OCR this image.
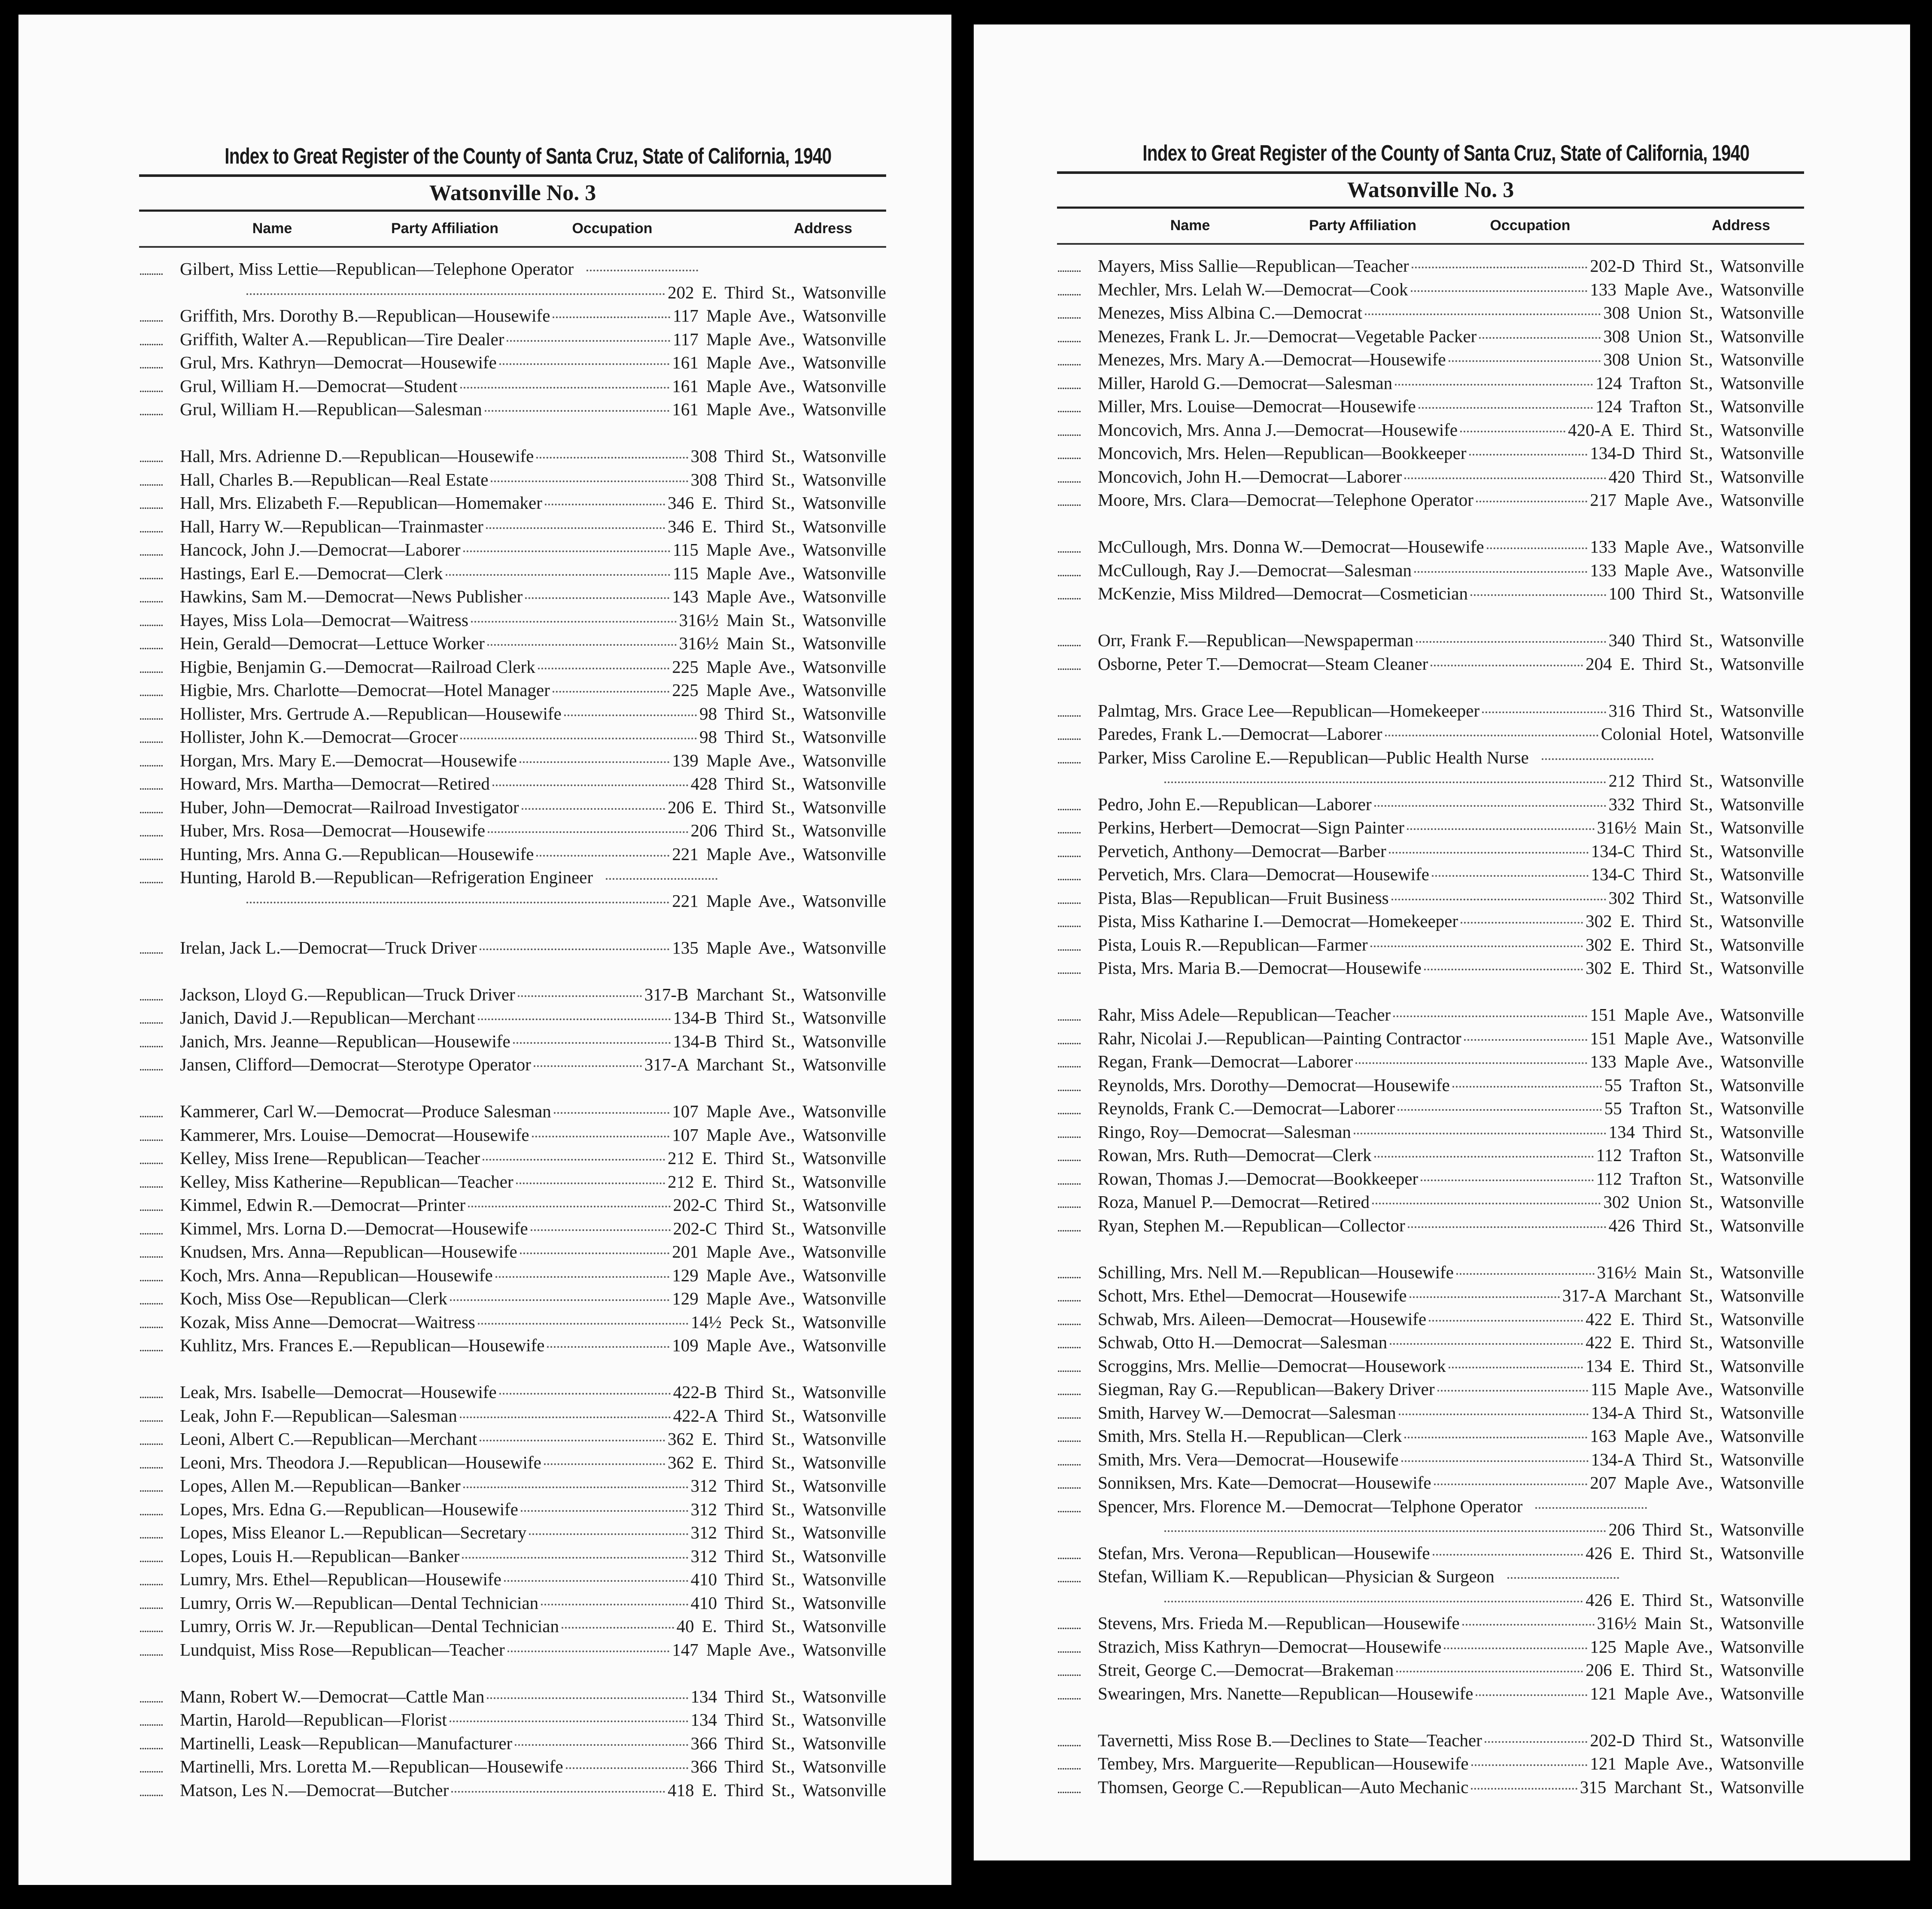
Index to Great Register of the County of Santa Cruz, State of California, 1940
Watsonville No. 3
Name	Party Affiliation	Occupation	Address
.......... Gilbert, Miss Lettie—Republican—Telephone Operator
202 E. Third St., Watsonville
.......... Griffith, Mrs. Dorothy B.—Republican—Housewife	117 Maple Ave., Watsonville
.......... Griffith, Walter A.—Republican—Tire Dealer	117 Maple Ave., Watsonville
.......... Grul, Mrs. Kathryn—Democrat—Housewife	161 Maple Ave., Watsonville
.......... Grul, William H.—Democrat—Student	161 Maple Ave., Watsonville
.......... Grul, William H.—Republican—Salesman	161 Maple Ave., Watsonville
.......... Hall, Mrs. Adrienne D.—Republican—Housewife	308 Third St., Watsonville
.......... Hall, Charles B.—Republican—Real Estate	308 Third St., Watsonville
.......... Hall, Mrs. Elizabeth F.—Republican—Homemaker	346 E. Third St., Watsonville
.......... Hall, Harry W.—Republican—Trainmaster	346 E. Third St., Watsonville
.......... Hancock, John J.—Democrat—Laborer	115 Maple Ave., Watsonville
.......... Hastings, Earl E.—Democrat—Clerk	115 Maple Ave., Watsonville
.......... Hawkins, Sam M.—Democrat—News Publisher	143 Maple Ave., Watsonville
.......... Hayes, Miss Lola—Democrat—Waitress	316½ Main St., Watsonville
.......... Hein, Gerald—Democrat—Lettuce Worker	316½ Main St., Watsonville
.......... Higbie, Benjamin G.—Democrat—Railroad Clerk	225 Maple Ave., Watsonville
.......... Higbie, Mrs. Charlotte—Democrat—Hotel Manager	225 Maple Ave., Watsonville
.......... Hollister, Mrs. Gertrude A.—Republican—Housewife	98 Third St., Watsonville
.......... Hollister, John K.—Democrat—Grocer	98 Third St., Watsonville
.......... Horgan, Mrs. Mary E.—Democrat—Housewife	139 Maple Ave., Watsonville
.......... Howard, Mrs. Martha—Democrat—Retired	428 Third St., Watsonville
.......... Huber, John—Democrat—Railroad Investigator	206 E. Third St., Watsonville
.......... Huber, Mrs. Rosa—Democrat—Housewife	206 Third St., Watsonville
.......... Hunting, Mrs. Anna G.—Republican—Housewife	221 Maple Ave., Watsonville
.......... Hunting, Harold B.—Republican—Refrigeration Engineer
221 Maple Ave., Watsonville
.......... Irelan, Jack L.—Democrat—Truck Driver	135 Maple Ave., Watsonville
.......... Jackson, Lloyd G.—Republican—Truck Driver	317-B Marchant St., Watsonville
.......... Janich, David J.—Republican—Merchant	134-B Third St., Watsonville
.......... Janich, Mrs. Jeanne—Republican—Housewife	134-B Third St., Watsonville
.......... Jansen, Clifford—Democrat—Sterotype Operator	317-A Marchant St., Watsonville
.......... Kammerer, Carl W.—Democrat—Produce Salesman	107 Maple Ave., Watsonville
.......... Kammerer, Mrs. Louise—Democrat—Housewife	107 Maple Ave., Watsonville
.......... Kelley, Miss Irene—Republican—Teacher	212 E. Third St., Watsonville
.......... Kelley, Miss Katherine—Republican—Teacher	212 E. Third St., Watsonville
.......... Kimmel, Edwin R.—Democrat—Printer	202-C Third St., Watsonville
.......... Kimmel, Mrs. Lorna D.—Democrat—Housewife	202-C Third St., Watsonville
.......... Knudsen, Mrs. Anna—Republican—Housewife	201 Maple Ave., Watsonville
.......... Koch, Mrs. Anna—Republican—Housewife	129 Maple Ave., Watsonville
.......... Koch, Miss Ose—Republican—Clerk	129 Maple Ave., Watsonville
.......... Kozak, Miss Anne—Democrat—Waitress	14½ Peck St., Watsonville
.......... Kuhlitz, Mrs. Frances E.—Republican—Housewife	109 Maple Ave., Watsonville
.......... Leak, Mrs. Isabelle—Democrat—Housewife	422-B Third St., Watsonville
.......... Leak, John F.—Republican—Salesman	422-A Third St., Watsonville
.......... Leoni, Albert C.—Republican—Merchant	362 E. Third St., Watsonville
.......... Leoni, Mrs. Theodora J.—Republican—Housewife	362 E. Third St., Watsonville
.......... Lopes, Allen M.—Republican—Banker	312 Third St., Watsonville
.......... Lopes, Mrs. Edna G.—Republican—Housewife	312 Third St., Watsonville
.......... Lopes, Miss Eleanor L.—Republican—Secretary	312 Third St., Watsonville
.......... Lopes, Louis H.—Republican—Banker	312 Third St., Watsonville
.......... Lumry, Mrs. Ethel—Republican—Housewife	410 Third St., Watsonville
.......... Lumry, Orris W.—Republican—Dental Technician	410 Third St., Watsonville
.......... Lumry, Orris W. Jr.—Republican—Dental Technician	40 E. Third St., Watsonville
.......... Lundquist, Miss Rose—Republican—Teacher	147 Maple Ave., Watsonville
.......... Mann, Robert W.—Democrat—Cattle Man	134 Third St., Watsonville
.......... Martin, Harold—Republican—Florist	134 Third St., Watsonville
.......... Martinelli, Leask—Republican—Manufacturer	366 Third St., Watsonville
.......... Martinelli, Mrs. Loretta M.—Republican—Housewife	366 Third St., Watsonville
.......... Matson, Les N.—Democrat—Butcher	418 E. Third St., Watsonville
Index to Great Register of the County of Santa Cruz, State of California, 1940
Watsonville No. 3
Name	Party Affiliation	Occupation	Address
.......... Mayers, Miss Sallie—Republican—Teacher	202-D Third St., Watsonville
.......... Mechler, Mrs. Lelah W.—Democrat—Cook	133 Maple Ave., Watsonville
.......... Menezes, Miss Albina C.—Democrat	308 Union St., Watsonville
.......... Menezes, Frank L. Jr.—Democrat—Vegetable Packer	308 Union St., Watsonville
.......... Menezes, Mrs. Mary A.—Democrat—Housewife	308 Union St., Watsonville
.......... Miller, Harold G.—Democrat—Salesman	124 Trafton St., Watsonville
.......... Miller, Mrs. Louise—Democrat—Housewife	124 Trafton St., Watsonville
.......... Moncovich, Mrs. Anna J.—Democrat—Housewife	420-A E. Third St., Watsonville
.......... Moncovich, Mrs. Helen—Republican—Bookkeeper	134-D Third St., Watsonville
.......... Moncovich, John H.—Democrat—Laborer	420 Third St., Watsonville
.......... Moore, Mrs. Clara—Democrat—Telephone Operator	217 Maple Ave., Watsonville
.......... McCullough, Mrs. Donna W.—Democrat—Housewife	133 Maple Ave., Watsonville
.......... McCullough, Ray J.—Democrat—Salesman	133 Maple Ave., Watsonville
.......... McKenzie, Miss Mildred—Democrat—Cosmetician	100 Third St., Watsonville
.......... Orr, Frank F.—Republican—Newspaperman	340 Third St., Watsonville
.......... Osborne, Peter T.—Democrat—Steam Cleaner	204 E. Third St., Watsonville
.......... Palmtag, Mrs. Grace Lee—Republican—Homekeeper	316 Third St., Watsonville
.......... Paredes, Frank L.—Democrat—Laborer	Colonial Hotel, Watsonville
.......... Parker, Miss Caroline E.—Republican—Public Health Nurse
212 Third St., Watsonville
.......... Pedro, John E.—Republican—Laborer	332 Third St., Watsonville
.......... Perkins, Herbert—Democrat—Sign Painter	316½ Main St., Watsonville
.......... Pervetich, Anthony—Democrat—Barber	134-C Third St., Watsonville
.......... Pervetich, Mrs. Clara—Democrat—Housewife	134-C Third St., Watsonville
.......... Pista, Blas—Republican—Fruit Business	302 Third St., Watsonville
.......... Pista, Miss Katharine I.—Democrat—Homekeeper	302 E. Third St., Watsonville
.......... Pista, Louis R.—Republican—Farmer	302 E. Third St., Watsonville
.......... Pista, Mrs. Maria B.—Democrat—Housewife	302 E. Third St., Watsonville
.......... Rahr, Miss Adele—Republican—Teacher	151 Maple Ave., Watsonville
.......... Rahr, Nicolai J.—Republican—Painting Contractor	151 Maple Ave., Watsonville
.......... Regan, Frank—Democrat—Laborer	133 Maple Ave., Watsonville
.......... Reynolds, Mrs. Dorothy—Democrat—Housewife	55 Trafton St., Watsonville
.......... Reynolds, Frank C.—Democrat—Laborer	55 Trafton St., Watsonville
.......... Ringo, Roy—Democrat—Salesman	134 Third St., Watsonville
.......... Rowan, Mrs. Ruth—Democrat—Clerk	112 Trafton St., Watsonville
.......... Rowan, Thomas J.—Democrat—Bookkeeper	112 Trafton St., Watsonville
.......... Roza, Manuel P.—Democrat—Retired	302 Union St., Watsonville
.......... Ryan, Stephen M.—Republican—Collector	426 Third St., Watsonville
.......... Schilling, Mrs. Nell M.—Republican—Housewife	316½ Main St., Watsonville
.......... Schott, Mrs. Ethel—Democrat—Housewife	317-A Marchant St., Watsonville
.......... Schwab, Mrs. Aileen—Democrat—Housewife	422 E. Third St., Watsonville
.......... Schwab, Otto H.—Democrat—Salesman	422 E. Third St., Watsonville
.......... Scroggins, Mrs. Mellie—Democrat—Housework	134 E. Third St., Watsonville
.......... Siegman, Ray G.—Republican—Bakery Driver	115 Maple Ave., Watsonville
.......... Smith, Harvey W.—Democrat—Salesman	134-A Third St., Watsonville
.......... Smith, Mrs. Stella H.—Republican—Clerk	163 Maple Ave., Watsonville
.......... Smith, Mrs. Vera—Democrat—Housewife	134-A Third St., Watsonville
.......... Sonniksen, Mrs. Kate—Democrat—Housewife	207 Maple Ave., Watsonville
.......... Spencer, Mrs. Florence M.—Democrat—Telphone Operator
206 Third St., Watsonville
.......... Stefan, Mrs. Verona—Republican—Housewife	426 E. Third St., Watsonville
.......... Stefan, William K.—Republican—Physician & Surgeon
426 E. Third St., Watsonville
.......... Stevens, Mrs. Frieda M.—Republican—Housewife	316½ Main St., Watsonville
.......... Strazich, Miss Kathryn—Democrat—Housewife	125 Maple Ave., Watsonville
.......... Streit, George C.—Democrat—Brakeman	206 E. Third St., Watsonville
.......... Swearingen, Mrs. Nanette—Republican—Housewife	121 Maple Ave., Watsonville
.......... Tavernetti, Miss Rose B.—Declines to State—Teacher	202-D Third St., Watsonville
.......... Tembey, Mrs. Marguerite—Republican—Housewife	121 Maple Ave., Watsonville
.......... Thomsen, George C.—Republican—Auto Mechanic	315 Marchant St., Watsonville
